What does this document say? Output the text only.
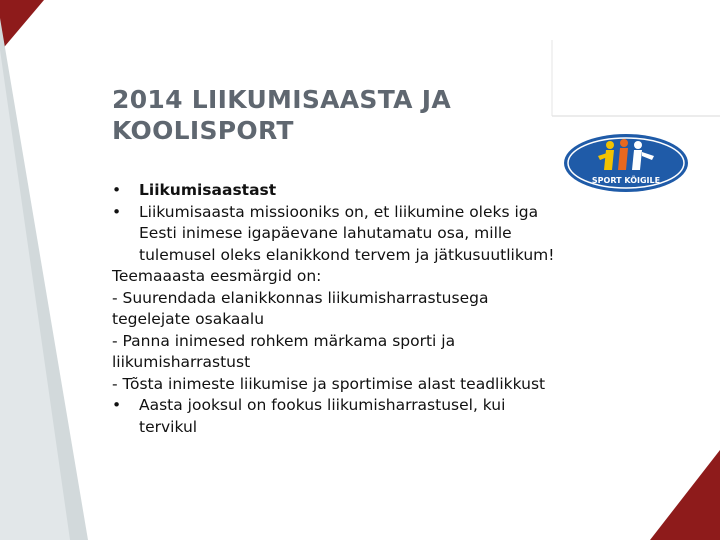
2014 LIIKUMISAASTA JA
KOOLISPORT
SPORT KÕIGILE
•	Liikumisaastast
•	Liikumisaasta missiooniks on, et liikumine oleks iga
Eesti inimese igapäevane lahutamatu osa, mille
tulemusel oleks elanikkond tervem ja jätkusuutlikum!
Teemaaasta eesmärgid on:
- Suurendada elanikkonnas liikumisharrastusega
tegelejate osakaalu
- Panna inimesed rohkem märkama sporti ja
liikumisharrastust
- Tõsta inimeste liikumise ja sportimise alast teadlikkust
•	Aasta jooksul on fookus liikumisharrastusel, kui
tervikul
